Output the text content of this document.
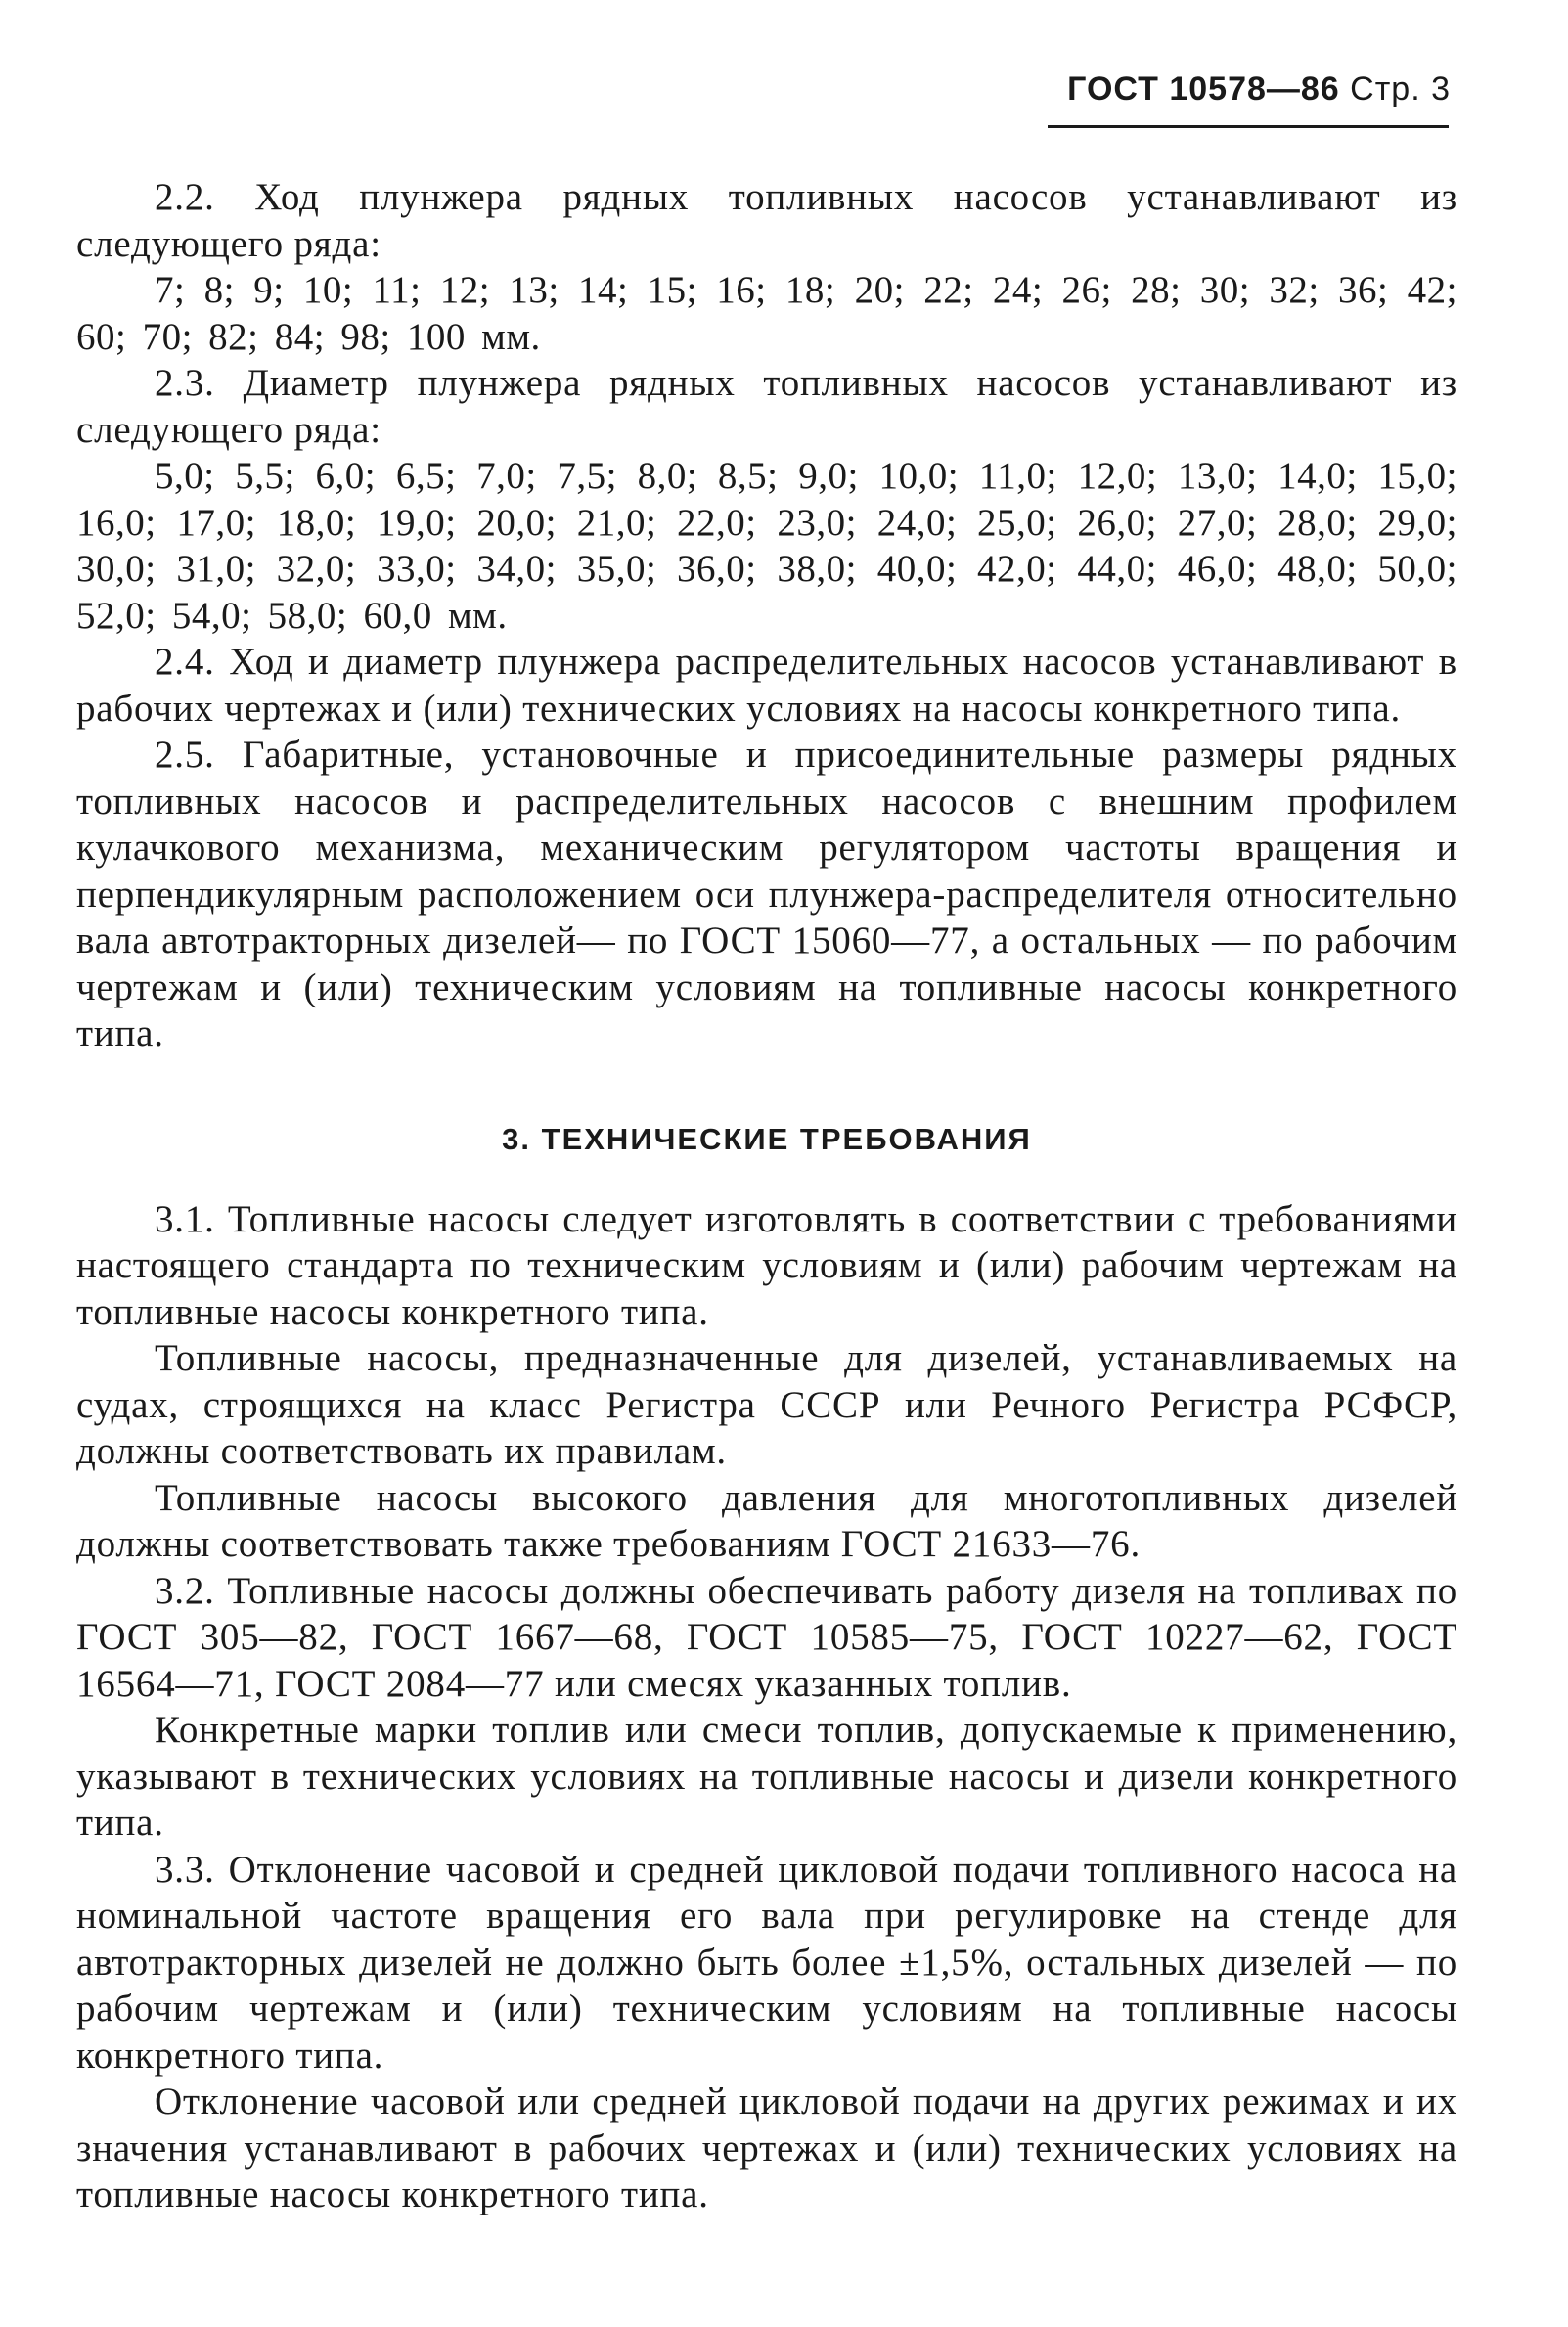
ГОСТ 10578—86 Стр. 3

2.2. Ход плунжера рядных топливных насосов устанавливают из следующего ряда:

7; 8; 9; 10; 11; 12; 13; 14; 15; 16; 18; 20; 22; 24; 26; 28; 30; 32; 36; 42; 60; 70; 82; 84; 98; 100 мм.

2.3. Диаметр плунжера рядных топливных насосов устанавливают из следующего ряда:

5,0; 5,5; 6,0; 6,5; 7,0; 7,5; 8,0; 8,5; 9,0; 10,0; 11,0; 12,0; 13,0; 14,0; 15,0; 16,0; 17,0; 18,0; 19,0; 20,0; 21,0; 22,0; 23,0; 24,0; 25,0; 26,0; 27,0; 28,0; 29,0; 30,0; 31,0; 32,0; 33,0; 34,0; 35,0; 36,0; 38,0; 40,0; 42,0; 44,0; 46,0; 48,0; 50,0; 52,0; 54,0; 58,0; 60,0 мм.

2.4. Ход и диаметр плунжера распределительных насосов устанавливают в рабочих чертежах и (или) технических условиях на насосы конкретного типа.

2.5. Габаритные, установочные и присоединительные размеры рядных топливных насосов и распределительных насосов с внешним профилем кулачкового механизма, механическим регулятором частоты вращения и перпендикулярным расположением оси плунжера-распределителя относительно вала автотракторных дизелей— по ГОСТ 15060—77, а остальных — по рабочим чертежам и (или) техническим условиям на топливные насосы конкретного типа.

3. ТЕХНИЧЕСКИЕ ТРЕБОВАНИЯ

3.1. Топливные насосы следует изготовлять в соответствии с требованиями настоящего стандарта по техническим условиям и (или) рабочим чертежам на топливные насосы конкретного типа.

Топливные насосы, предназначенные для дизелей, устанавливаемых на судах, строящихся на класс Регистра СССР или Речного Регистра РСФСР, должны соответствовать их правилам.

Топливные насосы высокого давления для многотопливных дизелей должны соответствовать также требованиям ГОСТ 21633—76.

3.2. Топливные насосы должны обеспечивать работу дизеля на топливах по ГОСТ 305—82, ГОСТ 1667—68, ГОСТ 10585—75, ГОСТ 10227—62, ГОСТ 16564—71, ГОСТ 2084—77 или смесях указанных топлив.

Конкретные марки топлив или смеси топлив, допускаемые к применению, указывают в технических условиях на топливные насосы и дизели конкретного типа.

3.3. Отклонение часовой и средней цикловой подачи топливного насоса на номинальной частоте вращения его вала при регулировке на стенде для автотракторных дизелей не должно быть более ±1,5%, остальных дизелей — по рабочим чертежам и (или) техническим условиям на топливные насосы конкретного типа.

Отклонение часовой или средней цикловой подачи на других режимах и их значения устанавливают в рабочих чертежах и (или) технических условиях на топливные насосы конкретного типа.
